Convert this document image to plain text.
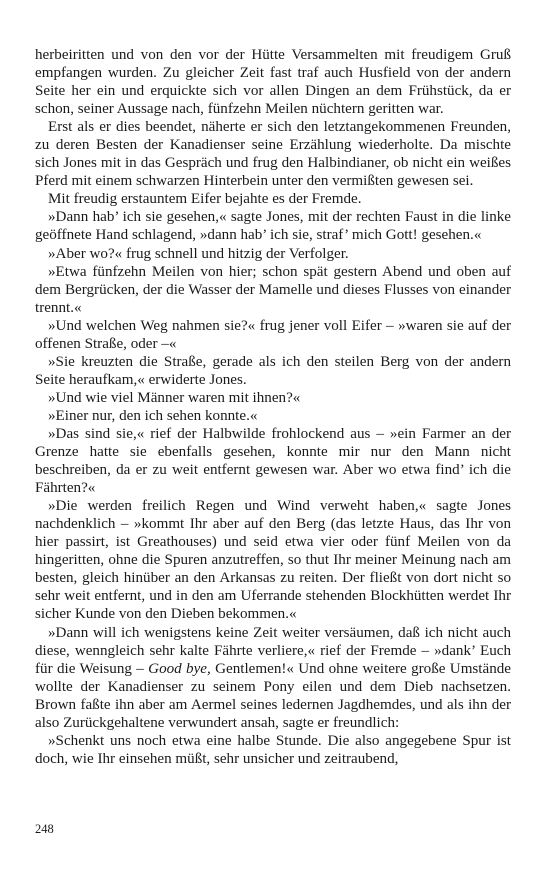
herbeiritten und von den vor der Hütte Versammelten mit freudigem Gruß empfangen wurden. Zu gleicher Zeit fast traf auch Husfield von der andern Seite her ein und erquickte sich vor allen Dingen an dem Frühstück, da er schon, seiner Aussage nach, fünfzehn Meilen nüchtern geritten war.

Erst als er dies beendet, näherte er sich den letztangekommenen Freunden, zu deren Besten der Kanadienser seine Erzählung wiederholte. Da mischte sich Jones mit in das Gespräch und frug den Halbindianer, ob nicht ein weißes Pferd mit einem schwarzen Hinterbein unter den vermißten gewesen sei.

Mit freudig erstauntem Eifer bejahte es der Fremde.

»Dann hab’ ich sie gesehen,« sagte Jones, mit der rechten Faust in die linke geöffnete Hand schlagend, »dann hab’ ich sie, straf’ mich Gott! gesehen.«

»Aber wo?« frug schnell und hitzig der Verfolger.

»Etwa fünfzehn Meilen von hier; schon spät gestern Abend und oben auf dem Bergrücken, der die Wasser der Mamelle und dieses Flusses von einander trennt.«

»Und welchen Weg nahmen sie?« frug jener voll Eifer – »waren sie auf der offenen Straße, oder –«

»Sie kreuzten die Straße, gerade als ich den steilen Berg von der andern Seite heraufkam,« erwiderte Jones.

»Und wie viel Männer waren mit ihnen?«

»Einer nur, den ich sehen konnte.«

»Das sind sie,« rief der Halbwilde frohlockend aus – »ein Farmer an der Grenze hatte sie ebenfalls gesehen, konnte mir nur den Mann nicht beschreiben, da er zu weit entfernt gewesen war. Aber wo etwa find’ ich die Fährten?«

»Die werden freilich Regen und Wind verweht haben,« sagte Jones nachdenklich – »kommt Ihr aber auf den Berg (das letzte Haus, das Ihr von hier passirt, ist Greathouses) und seid etwa vier oder fünf Meilen von da hingeritten, ohne die Spuren anzutreffen, so thut Ihr meiner Meinung nach am besten, gleich hinüber an den Arkansas zu reiten. Der fließt von dort nicht so sehr weit entfernt, und in den am Uferrande stehenden Blockhütten werdet Ihr sicher Kunde von den Dieben bekommen.«

»Dann will ich wenigstens keine Zeit weiter versäumen, daß ich nicht auch diese, wenngleich sehr kalte Fährte verliere,« rief der Fremde – »dank’ Euch für die Weisung – Good bye, Gentlemen!« Und ohne weitere große Umstände wollte der Kanadienser zu seinem Pony eilen und dem Dieb nachsetzen. Brown faßte ihn aber am Aermel seines ledernen Jagdhemdes, und als ihn der also Zurückgehaltene verwundert ansah, sagte er freundlich:

»Schenkt uns noch etwa eine halbe Stunde. Die also angegebene Spur ist doch, wie Ihr einsehen müßt, sehr unsicher und zeitraubend,

248
